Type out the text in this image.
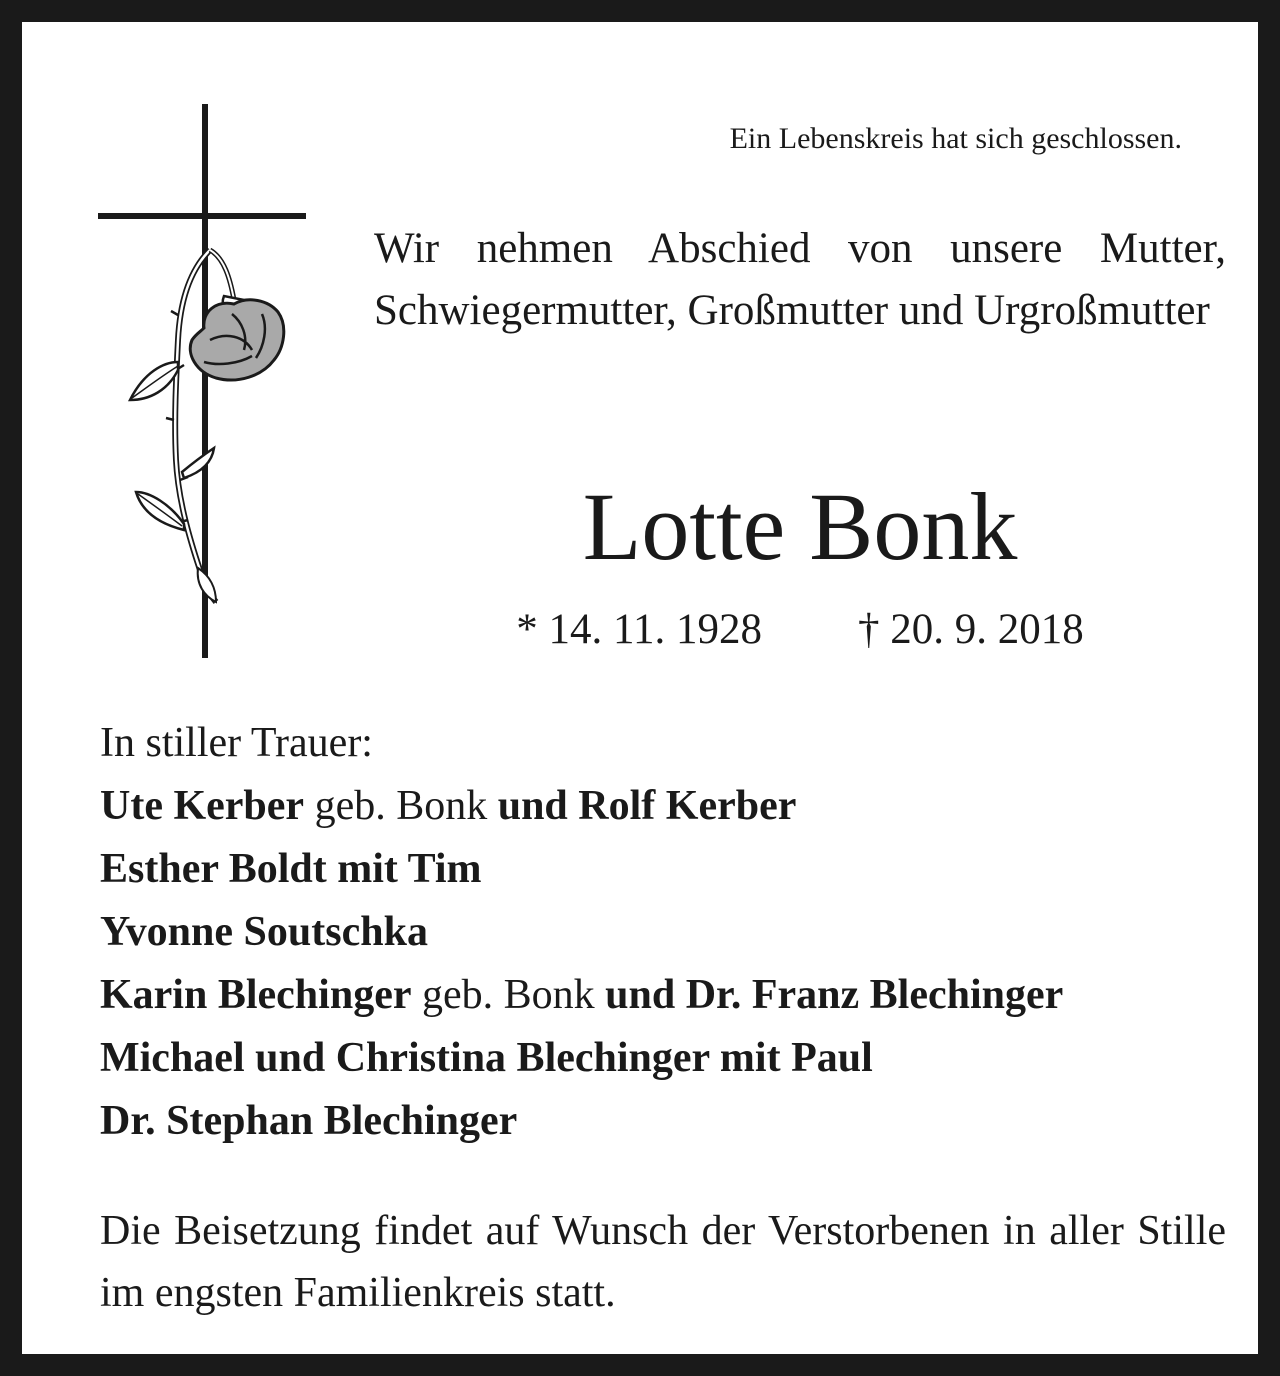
Ein Lebenskreis hat sich geschlossen.
Wir nehmen Abschied von unsere Mutter, Schwiegermutter, Großmutter und Urgroßmutter
Lotte Bonk
* 14. 11. 1928 † 20. 9. 2018
In stiller Trauer:
Ute Kerber geb. Bonk und Rolf Kerber
Esther Boldt mit Tim
Yvonne Soutschka
Karin Blechinger geb. Bonk und Dr. Franz Blechinger
Michael und Christina Blechinger mit Paul
Dr. Stephan Blechinger
Die Beisetzung findet auf Wunsch der Verstorbenen in aller Stille im engsten Familienkreis statt.
